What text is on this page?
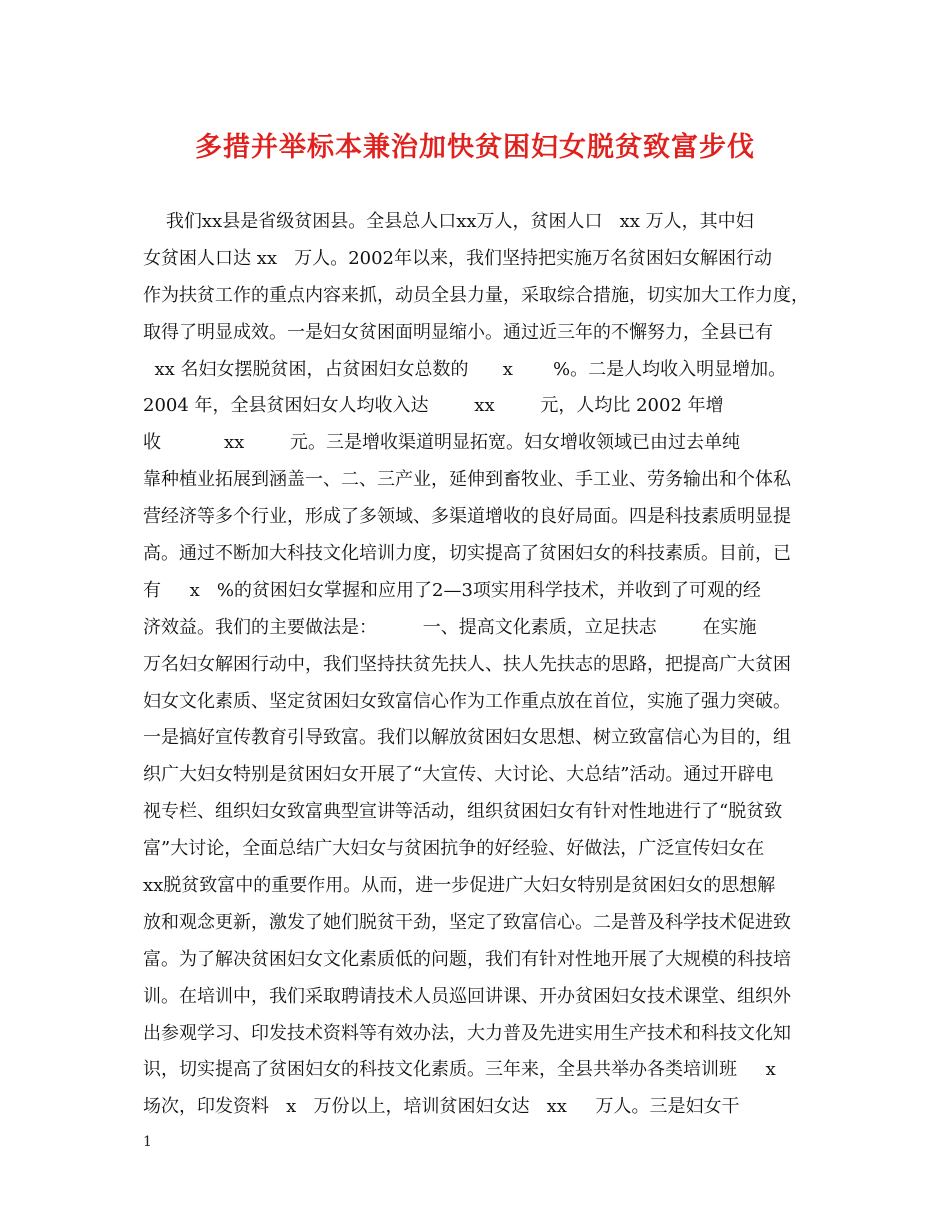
多措并举标本兼治加快贫困妇女脱贫致富步伐
我们xx县是省级贫困县。全县总人口xx万人，贫困人口   xx 万人，其中妇
女贫困人口达 xx   万人。2002年以来，我们坚持把实施万名贫困妇女解困行动
作为扶贫工作的重点内容来抓，动员全县力量，采取综合措施，切实加大工作力度，
取得了明显成效。一是妇女贫困面明显缩小。通过近三年的不懈努力，全县已有
xx 名妇女摆脱贫困，占贫困妇女总数的      x       %。二是人均收入明显增加。
2004 年，全县贫困妇女人均收入达        xx        元，人均比 2002 年增
收           xx        元。三是增收渠道明显拓宽。妇女增收领域已由过去单纯
靠种植业拓展到涵盖一、二、三产业，延伸到畜牧业、手工业、劳务输出和个体私
营经济等多个行业，形成了多领域、多渠道增收的良好局面。四是科技素质明显提
高。通过不断加大科技文化培训力度，切实提高了贫困妇女的科技素质。目前，已
有     x   %的贫困妇女掌握和应用了2—3项实用科学技术，并收到了可观的经
济效益。我们的主要做法是：        一、提高文化素质，立足扶志        在实施
万名妇女解困行动中，我们坚持扶贫先扶人、扶人先扶志的思路，把提高广大贫困
妇女文化素质、坚定贫困妇女致富信心作为工作重点放在首位，实施了强力突破。
一是搞好宣传教育引导致富。我们以解放贫困妇女思想、树立致富信心为目的，组
织广大妇女特别是贫困妇女开展了“大宣传、大讨论、大总结”活动。通过开辟电
视专栏、组织妇女致富典型宣讲等活动，组织贫困妇女有针对性地进行了“脱贫致
富”大讨论，全面总结广大妇女与贫困抗争的好经验、好做法，广泛宣传妇女在
xx脱贫致富中的重要作用。从而，进一步促进广大妇女特别是贫困妇女的思想解
放和观念更新，激发了她们脱贫干劲，坚定了致富信心。二是普及科学技术促进致
富。为了解决贫困妇女文化素质低的问题，我们有针对性地开展了大规模的科技培
训。在培训中，我们采取聘请技术人员巡回讲课、开办贫困妇女技术课堂、组织外
出参观学习、印发技术资料等有效办法，大力普及先进实用生产技术和科技文化知
识，切实提高了贫困妇女的科技文化素质。三年来，全县共举办各类培训班     x
场次，印发资料   x   万份以上，培训贫困妇女达   xx     万人。三是妇女干
1
